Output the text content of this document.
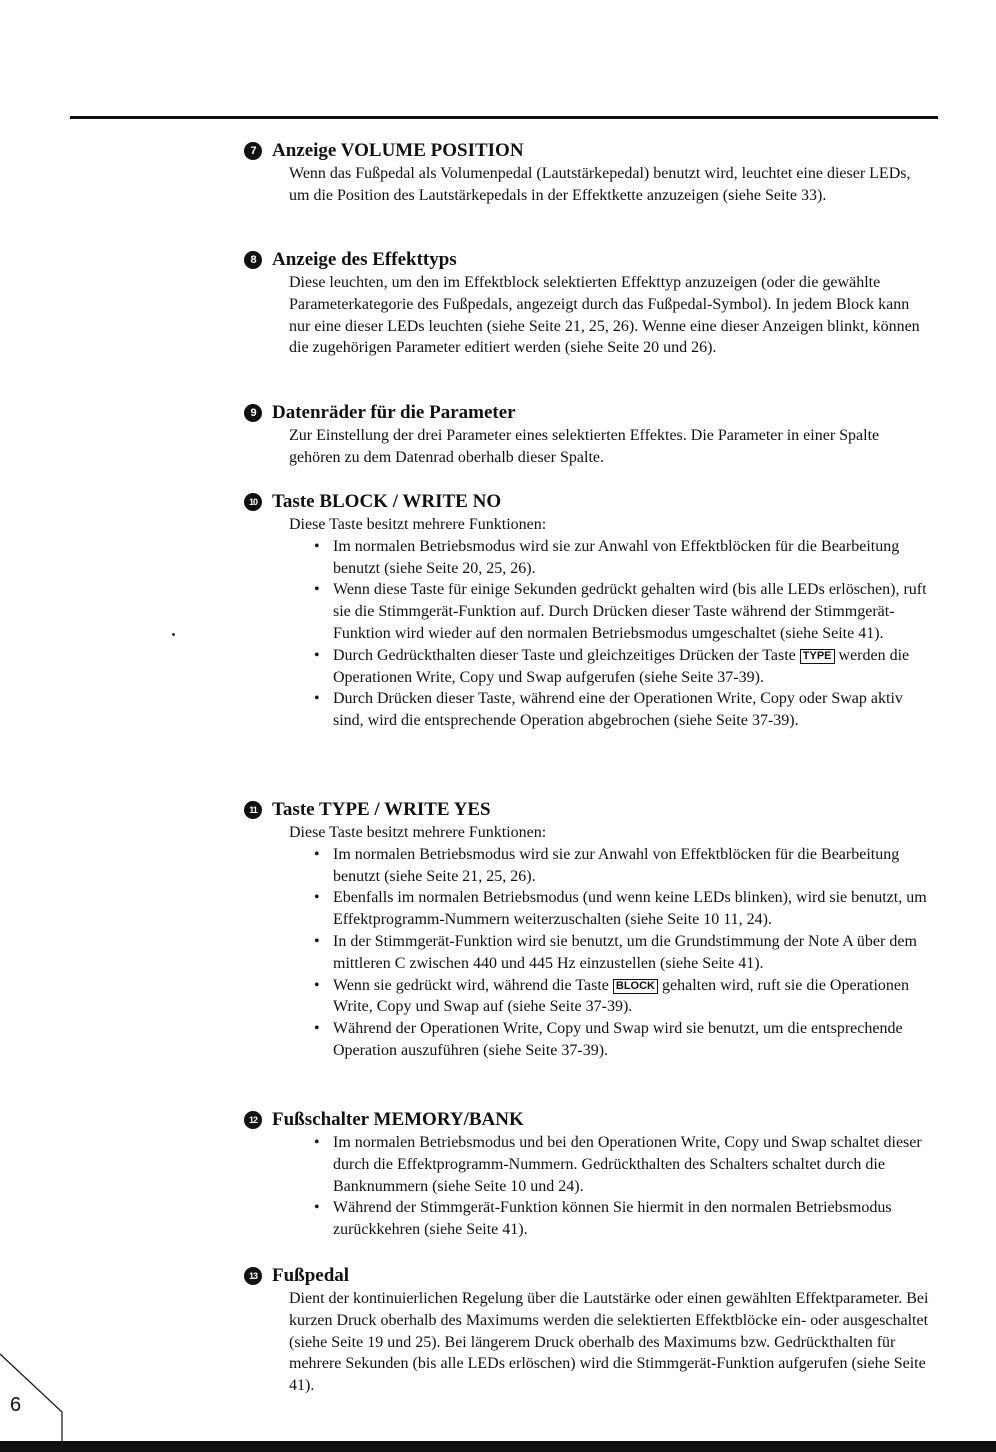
7 Anzeige VOLUME POSITION

Wenn das Fußpedal als Volumenpedal (Lautstärkepedal) benutzt wird, leuchtet eine dieser LEDs, um die Position des Lautstärkepedals in der Effektkette anzuzeigen (siehe Seite 33).

8 Anzeige des Effekttyps

Diese leuchten, um den im Effektblock selektierten Effekttyp anzuzeigen (oder die gewählte Parameterkategorie des Fußpedals, angezeigt durch das Fußpedal-Symbol). In jedem Block kann nur eine dieser LEDs leuchten (siehe Seite 21, 25, 26). Wenne eine dieser Anzeigen blinkt, können die zugehörigen Parameter editiert werden (siehe Seite 20 und 26).

9 Datenräder für die Parameter

Zur Einstellung der drei Parameter eines selektierten Effektes. Die Parameter in einer Spalte gehören zu dem Datenrad oberhalb dieser Spalte.

10 Taste BLOCK / WRITE NO

Diese Taste besitzt mehrere Funktionen:

• Im normalen Betriebsmodus wird sie zur Anwahl von Effektblöcken für die Bearbeitung benutzt (siehe Seite 20, 25, 26).
• Wenn diese Taste für einige Sekunden gedrückt gehalten wird (bis alle LEDs erlöschen), ruft sie die Stimmgerät-Funktion auf. Durch Drücken dieser Taste während der Stimmgerät-Funktion wird wieder auf den normalen Betriebsmodus umgeschaltet (siehe Seite 41).
• Durch Gedrückthalten dieser Taste und gleichzeitiges Drücken der Taste TYPE werden die Operationen Write, Copy und Swap aufgerufen (siehe Seite 37-39).
• Durch Drücken dieser Taste, während eine der Operationen Write, Copy oder Swap aktiv sind, wird die entsprechende Operation abgebrochen (siehe Seite 37-39).
11 Taste TYPE / WRITE YES

Diese Taste besitzt mehrere Funktionen:

• Im normalen Betriebsmodus wird sie zur Anwahl von Effektblöcken für die Bearbeitung benutzt (siehe Seite 21, 25, 26).
• Ebenfalls im normalen Betriebsmodus (und wenn keine LEDs blinken), wird sie benutzt, um Effektprogramm-Nummern weiterzuschalten (siehe Seite 10 11, 24).
• In der Stimmgerät-Funktion wird sie benutzt, um die Grundstimmung der Note A über dem mittleren C zwischen 440 und 445 Hz einzustellen (siehe Seite 41).
• Wenn sie gedrückt wird, während die Taste BLOCK gehalten wird, ruft sie die Operationen Write, Copy und Swap auf (siehe Seite 37-39).
• Während der Operationen Write, Copy und Swap wird sie benutzt, um die entsprechende Operation auszuführen (siehe Seite 37-39).
12 Fußschalter MEMORY/BANK
• Im normalen Betriebsmodus und bei den Operationen Write, Copy und Swap schaltet dieser durch die Effektprogramm-Nummern. Gedrückthalten des Schalters schaltet durch die Banknummern (siehe Seite 10 und 24).
• Während der Stimmgerät-Funktion können Sie hiermit in den normalen Betriebsmodus zurückkehren (siehe Seite 41).
13 Fußpedal

Dient der kontinuierlichen Regelung über die Lautstärke oder einen gewählten Effektparameter. Bei kurzen Druck oberhalb des Maximums werden die selektierten Effektblöcke ein- oder ausgeschaltet (siehe Seite 19 und 25). Bei längerem Druck oberhalb des Maximums bzw. Gedrückthalten für mehrere Sekunden (bis alle LEDs erlöschen) wird die Stimmgerät-Funktion aufgerufen (siehe Seite 41).

6
